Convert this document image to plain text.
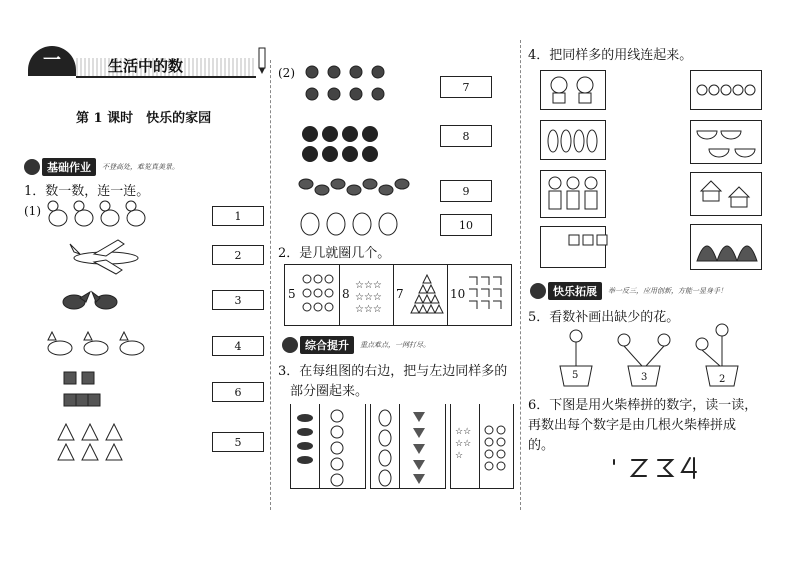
一	生活中的数
第 1 课时　快乐的家园
基础作业	不登高处，难览真美景。
1．数一数，连一连。
(1)	1
2
3
4
6
5
(2)
7
8
9
10
2．是几就圈几个。
5	8	7	10
☆☆☆
☆☆☆
☆☆☆
综合提升	重点难点，一网打尽。
3．在每组图的右边，把与左边同样多的
部分圈起来。
☆☆
☆☆
☆
4．把同样多的用线连起来。
快乐拓展	举一反三，应用创新，方能一显身手！
5．看数补画出缺少的花。
5	3	2
6．下图是用火柴棒拼的数字，读一读，
再数出每个数字是由几根火柴棒拼成
的。
